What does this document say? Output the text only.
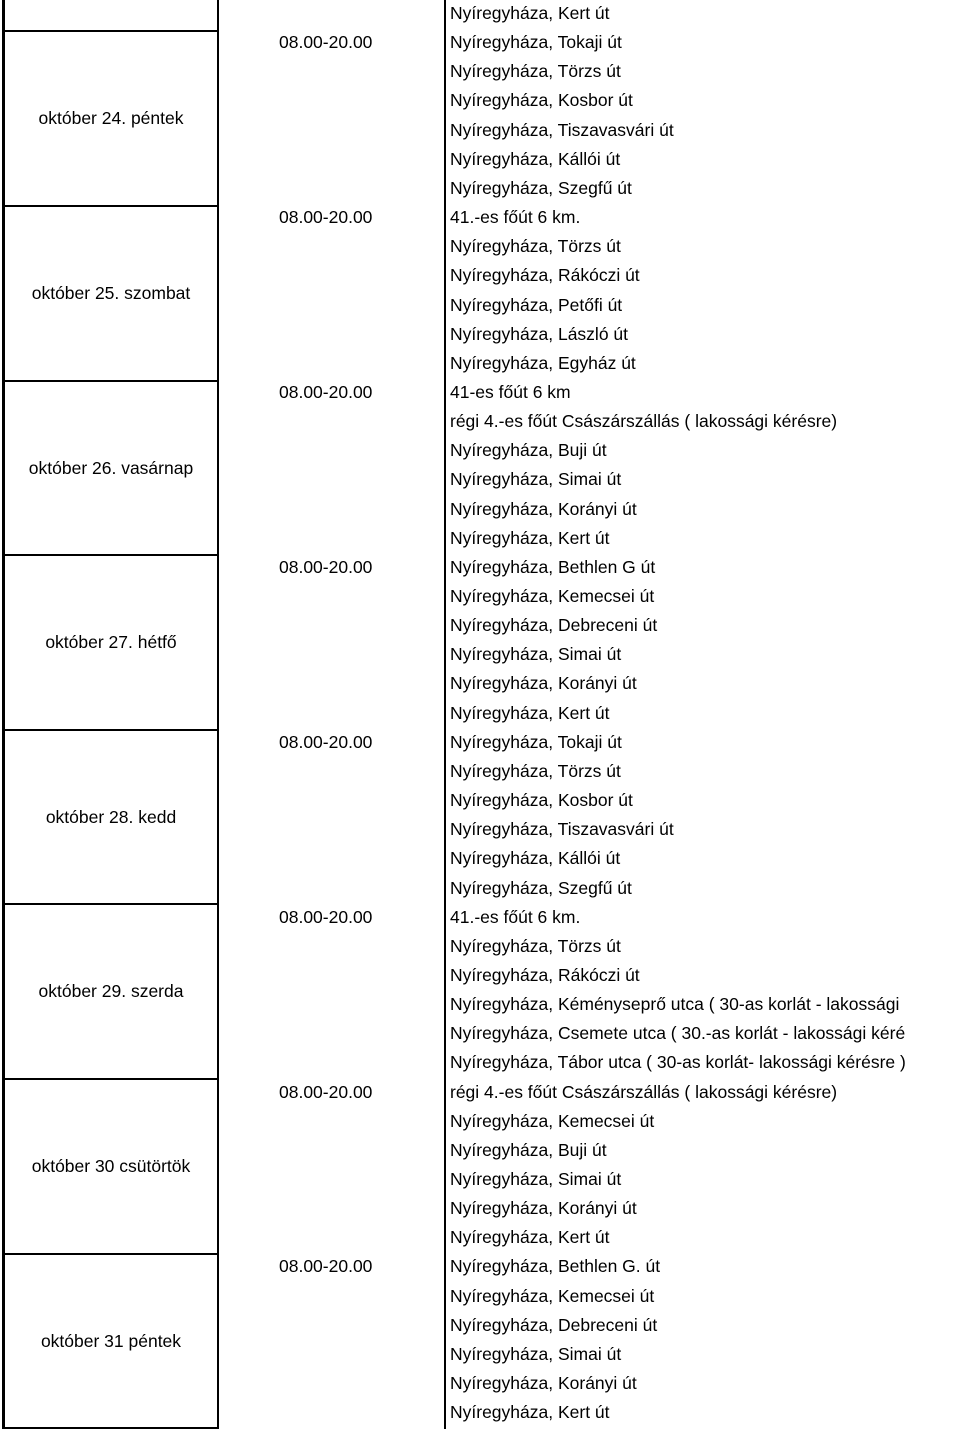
Nyíregyháza, Kert út
október 24. péntek
08.00-20.00	Nyíregyháza, Tokaji út
Nyíregyháza, Törzs út
Nyíregyháza, Kosbor út
Nyíregyháza, Tiszavasvári út
Nyíregyháza, Kállói út
Nyíregyháza, Szegfű út
október 25. szombat
08.00-20.00	41.-es főút 6 km.
Nyíregyháza, Törzs út
Nyíregyháza, Rákóczi út
Nyíregyháza, Petőfi út
Nyíregyháza, László út
Nyíregyháza, Egyház út
október 26. vasárnap
08.00-20.00	41-es főút 6 km
régi 4.-es főút Császárszállás ( lakossági kérésre)
Nyíregyháza, Buji út
Nyíregyháza, Simai út
Nyíregyháza, Korányi út
Nyíregyháza, Kert út
október 27. hétfő
08.00-20.00	Nyíregyháza, Bethlen G út
Nyíregyháza, Kemecsei út
Nyíregyháza, Debreceni út
Nyíregyháza, Simai út
Nyíregyháza, Korányi út
Nyíregyháza, Kert út
október 28. kedd
08.00-20.00	Nyíregyháza, Tokaji út
Nyíregyháza, Törzs út
Nyíregyháza, Kosbor út
Nyíregyháza, Tiszavasvári út
Nyíregyháza, Kállói út
Nyíregyháza, Szegfű út
október 29. szerda
08.00-20.00	41.-es főút 6 km.
Nyíregyháza, Törzs út
Nyíregyháza, Rákóczi út
Nyíregyháza, Kéményseprő utca ( 30-as korlát - lakossági
Nyíregyháza, Csemete utca ( 30.-as korlát - lakossági kéré
Nyíregyháza, Tábor utca ( 30-as korlát- lakossági kérésre )
október 30 csütörtök
08.00-20.00	régi 4.-es főút Császárszállás ( lakossági kérésre)
Nyíregyháza, Kemecsei út
Nyíregyháza, Buji út
Nyíregyháza, Simai út
Nyíregyháza, Korányi út
Nyíregyháza, Kert út
október 31 péntek
08.00-20.00	Nyíregyháza, Bethlen G. út
Nyíregyháza, Kemecsei út
Nyíregyháza, Debreceni út
Nyíregyháza, Simai út
Nyíregyháza, Korányi út
Nyíregyháza, Kert út
